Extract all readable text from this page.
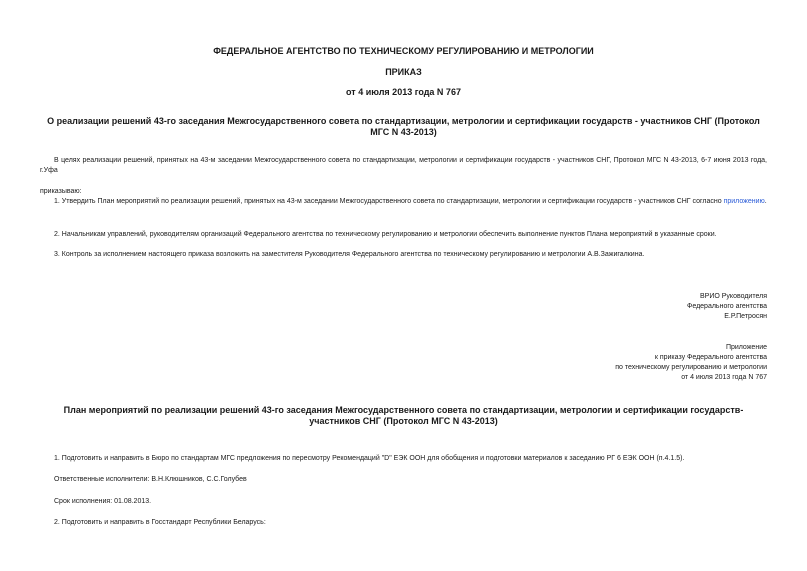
ФЕДЕРАЛЬНОЕ АГЕНТСТВО ПО ТЕХНИЧЕСКОМУ РЕГУЛИРОВАНИЮ И МЕТРОЛОГИИ
ПРИКАЗ
от 4 июля 2013 года N 767
О реализации решений 43-го заседания Межгосударственного совета по стандартизации, метрологии и сертификации государств - участников СНГ (Протокол МГС N 43-2013)
В целях реализации решений, принятых на 43-м заседании Межгосударственного совета по стандартизации, метрологии и сертификации государств - участников СНГ, Протокол МГС N 43-2013, 6-7 июня 2013 года, г.Уфа
приказываю:
1. Утвердить План мероприятий по реализации решений, принятых на 43-м заседании Межгосударственного совета по стандартизации, метрологии и сертификации государств - участников СНГ согласно приложению.
2. Начальникам управлений, руководителям организаций Федерального агентства по техническому регулированию и метрологии обеспечить выполнение пунктов Плана мероприятий в указанные сроки.
3. Контроль за исполнением настоящего приказа возложить на заместителя Руководителя Федерального агентства по техническому регулированию и метрологии А.В.Зажигалкина.
ВРИО Руководителя
Федерального агентства
Е.Р.Петросян
Приложение
к приказу Федерального агентства
по техническому регулированию и метрологии
от 4 июля 2013 года N 767
План мероприятий по реализации решений 43-го заседания Межгосударственного совета по стандартизации, метрологии и сертификации государств-участников СНГ (Протокол МГС N 43-2013)
1. Подготовить и направить в Бюро по стандартам МГС предложения по пересмотру Рекомендаций "D" ЕЭК ООН для обобщения и подготовки материалов к заседанию РГ 6 ЕЭК ООН (п.4.1.5).
Ответственные исполнители: В.Н.Клюшников, С.С.Голубев
Срок исполнения: 01.08.2013.
2. Подготовить и направить в Госстандарт Республики Беларусь:
